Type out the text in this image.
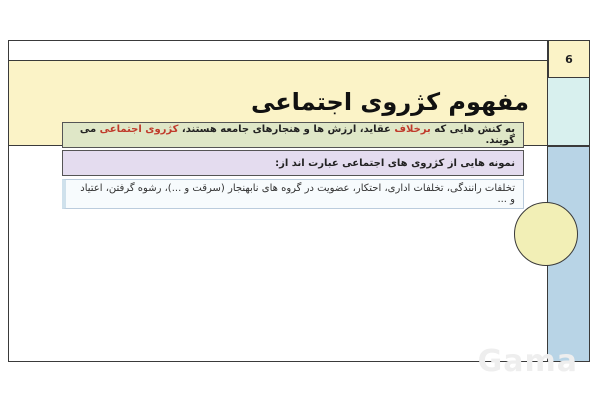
6
مفهوم کژروی اجتماعی
به کنش هایی که برخلاف عقاید، ارزش ها و هنجارهای جامعه هستند، کژروی اجتماعی می گویند.
نمونه هایی از کژروی های اجتماعی عبارت اند از:
تخلفات رانندگی، تخلفات اداری، احتکار، عضویت در گروه های نابهنجار (سرقت و ...)، رشوه گرفتن، اعتیاد و ...
Gama
